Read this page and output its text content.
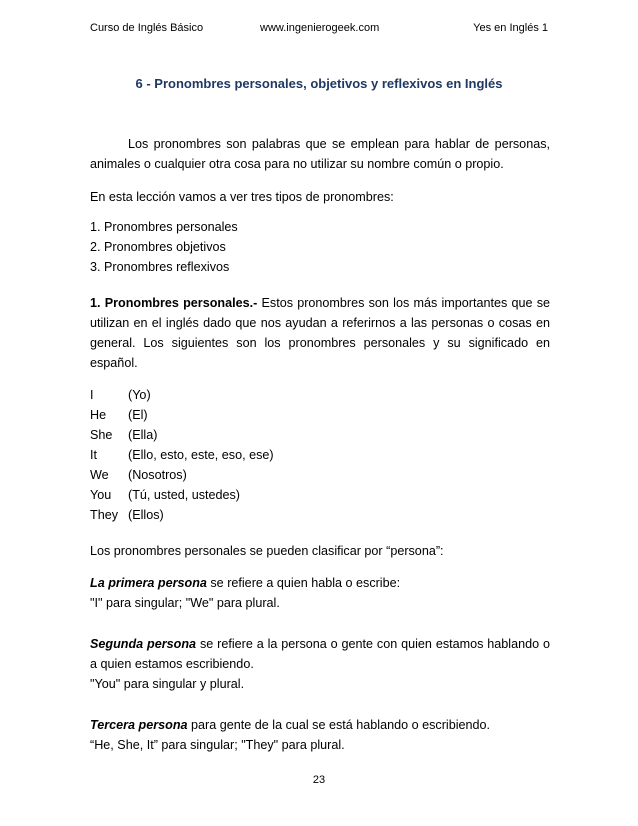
Curso de Inglés Básico	www.ingenierogeek.com	Yes en Inglés 1
6 - Pronombres personales, objetivos y reflexivos en Inglés
Los pronombres son palabras que se emplean para hablar de personas, animales o cualquier otra cosa para no utilizar su nombre común o propio.
En esta lección vamos a ver tres tipos de pronombres:
1. Pronombres personales
2. Pronombres objetivos
3. Pronombres reflexivos
1. Pronombres personales.- Estos pronombres son los más importantes que se utilizan en el inglés dado que nos ayudan a referirnos a las personas o cosas en general. Los siguientes son los pronombres personales y su significado en español.
I	(Yo)
He (El)
She (Ella)
It (Ello, esto, este, eso, ese)
We (Nosotros)
You (Tú, usted, ustedes)
They (Ellos)
Los pronombres personales se pueden clasificar por “persona”:
La primera persona se refiere a quien habla o escribe:
"I" para singular; "We" para plural.
Segunda persona se refiere a la persona o gente con quien estamos hablando o a quien estamos escribiendo.
"You" para singular y plural.
Tercera persona para gente de la cual se está hablando o escribiendo.
“He, She, It” para singular; "They" para plural.
23
